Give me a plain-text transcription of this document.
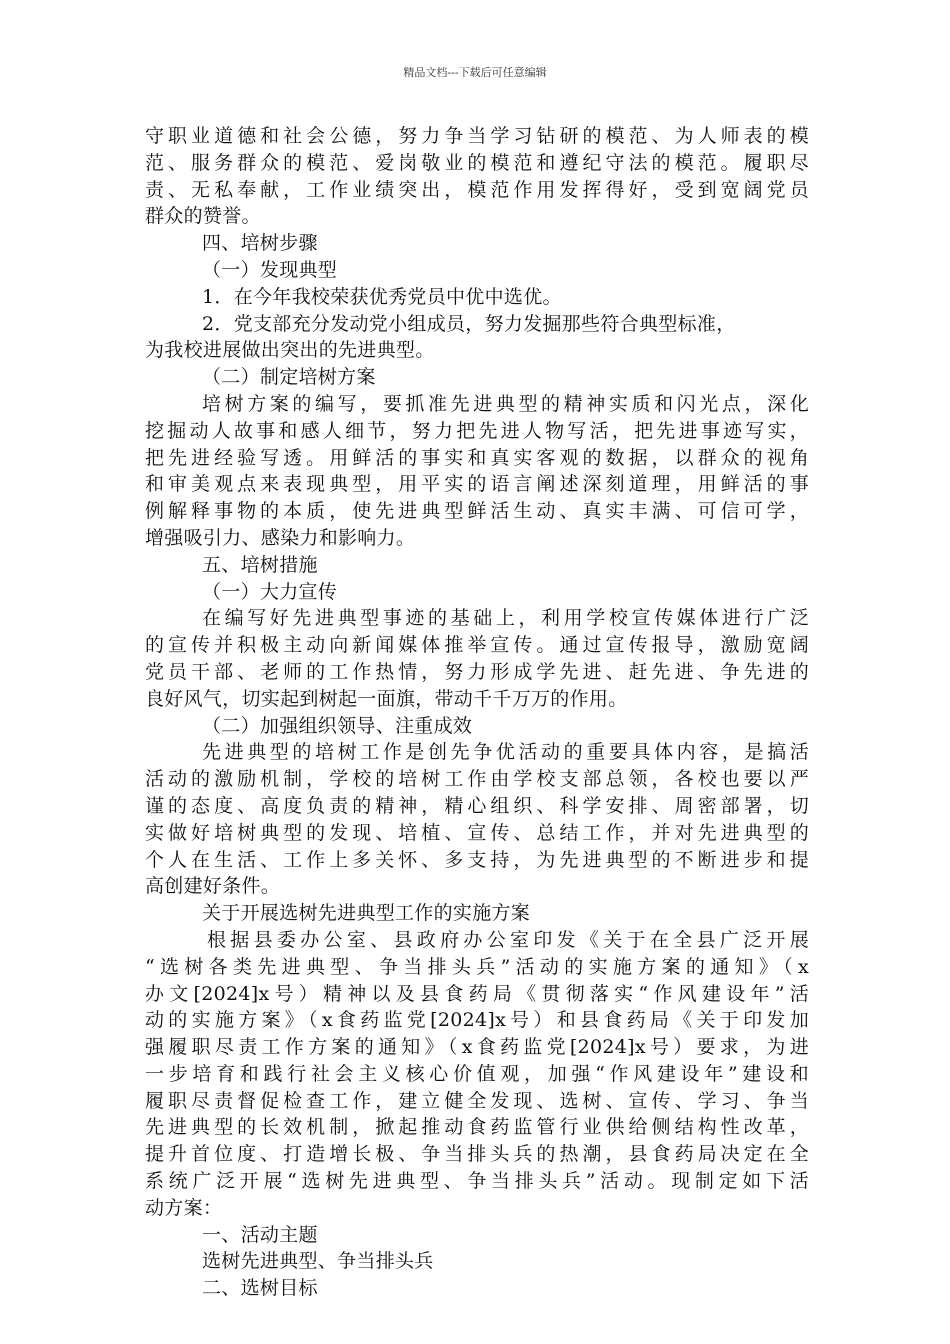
精品文档---下载后可任意编辑
守职业道德和社会公德，努力争当学习钻研的模范、为人师表的模
范、服务群众的模范、爱岗敬业的模范和遵纪守法的模范。履职尽
责、无私奉献，工作业绩突出，模范作用发挥得好，受到宽阔党员
群众的赞誉。
四、培树步骤
（一）发现典型
1．在今年我校荣获优秀党员中优中选优。
2．党支部充分发动党小组成员，努力发掘那些符合典型标准，
为我校进展做出突出的先进典型。
（二）制定培树方案
培树方案的编写，要抓准先进典型的精神实质和闪光点，深化
挖掘动人故事和感人细节，努力把先进人物写活，把先进事迹写实，
把先进经验写透。用鲜活的事实和真实客观的数据，以群众的视角
和审美观点来表现典型，用平实的语言阐述深刻道理，用鲜活的事
例解释事物的本质，使先进典型鲜活生动、真实丰满、可信可学，
增强吸引力、感染力和影响力。
五、培树措施
（一）大力宣传
在编写好先进典型事迹的基础上，利用学校宣传媒体进行广泛
的宣传并积极主动向新闻媒体推举宣传。通过宣传报导，激励宽阔
党员干部、老师的工作热情，努力形成学先进、赶先进、争先进的
良好风气，切实起到树起一面旗，带动千千万万的作用。
（二）加强组织领导、注重成效
先进典型的培树工作是创先争优活动的重要具体内容，是搞活
活动的激励机制，学校的培树工作由学校支部总领，各校也要以严
谨的态度、高度负责的精神，精心组织、科学安排、周密部署，切
实做好培树典型的发现、培植、宣传、总结工作，并对先进典型的
个人在生活、工作上多关怀、多支持，为先进典型的不断进步和提
高创建好条件。
关于开展选树先进典型工作的实施方案
根据县委办公室、县政府办公室印发《关于在全县广泛开展
“选树各类先进典型、争当排头兵”活动的实施方案的通知》（x
办文[2024]x号）精神以及县食药局《贯彻落实“作风建设年”活
动的实施方案》（x食药监党[2024]x号）和县食药局《关于印发加
强履职尽责工作方案的通知》（x食药监党[2024]x号）要求，为进
一步培育和践行社会主义核心价值观，加强“作风建设年”建设和
履职尽责督促检查工作，建立健全发现、选树、宣传、学习、争当
先进典型的长效机制，掀起推动食药监管行业供给侧结构性改革，
提升首位度、打造增长极、争当排头兵的热潮，县食药局决定在全
系统广泛开展“选树先进典型、争当排头兵”活动。现制定如下活
动方案：
一、活动主题
选树先进典型、争当排头兵
二、选树目标
